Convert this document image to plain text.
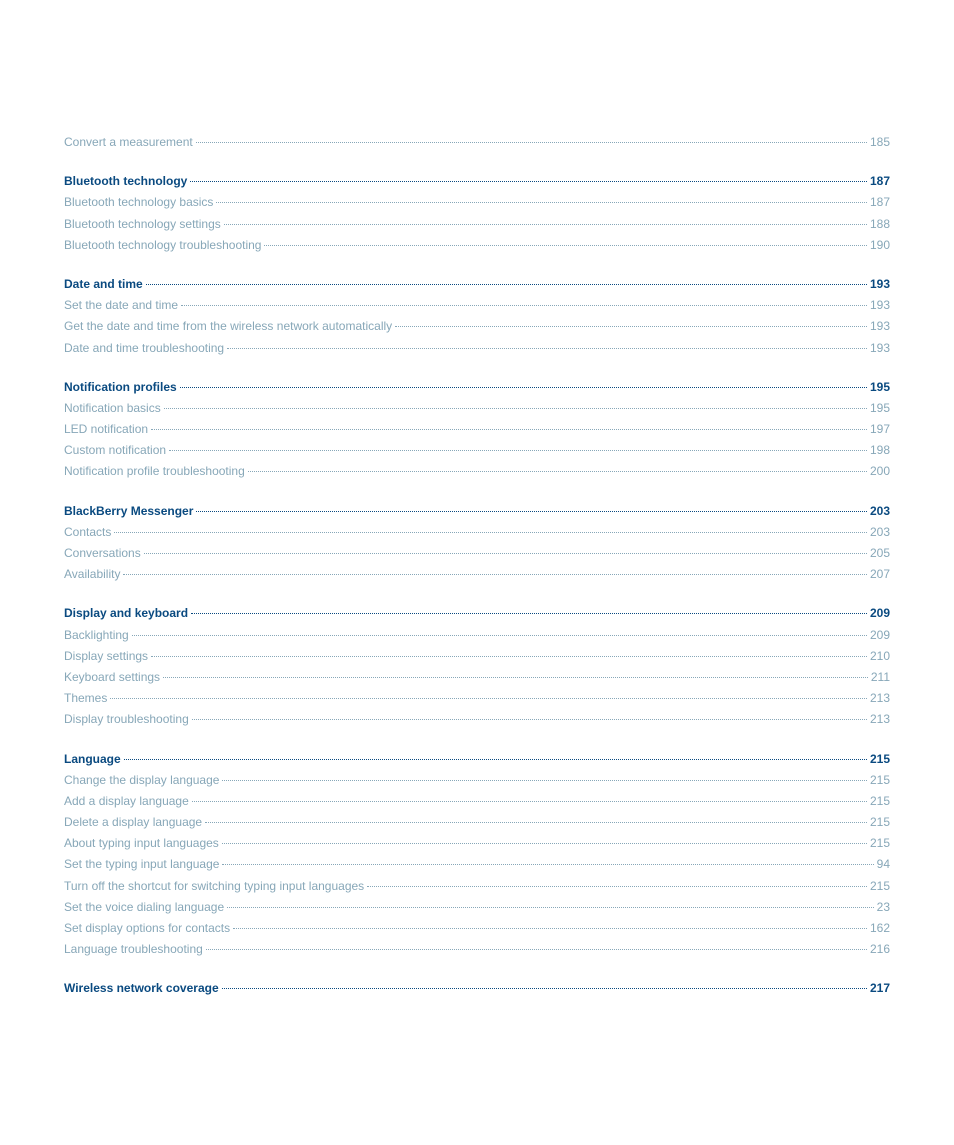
Convert a measurement	185
Bluetooth technology	187
Bluetooth technology basics	187
Bluetooth technology settings	188
Bluetooth technology troubleshooting	190
Date and time	193
Set the date and time	193
Get the date and time from the wireless network automatically	193
Date and time troubleshooting	193
Notification profiles	195
Notification basics	195
LED notification	197
Custom notification	198
Notification profile troubleshooting	200
BlackBerry Messenger	203
Contacts	203
Conversations	205
Availability	207
Display and keyboard	209
Backlighting	209
Display settings	210
Keyboard settings	211
Themes	213
Display troubleshooting	213
Language	215
Change the display language	215
Add a display language	215
Delete a display language	215
About typing input languages	215
Set the typing input language	94
Turn off the shortcut for switching typing input languages	215
Set the voice dialing language	23
Set display options for contacts	162
Language troubleshooting	216
Wireless network coverage	217
